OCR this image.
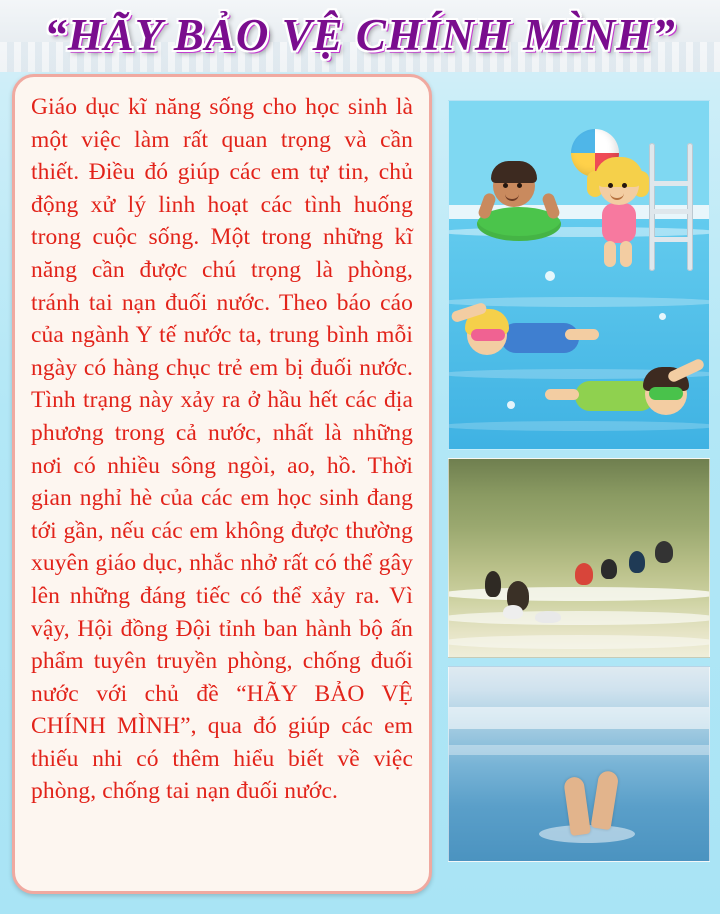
“HÃY BẢO VỆ CHÍNH MÌNH”

Giáo dục kĩ năng sống cho học sinh là một việc làm rất quan trọng và cần thiết. Điều đó giúp các em tự tin, chủ động xử lý linh hoạt các tình huống trong cuộc sống. Một trong những kĩ năng cần được chú trọng là phòng, tránh tai nạn đuối nước. Theo báo cáo của ngành Y tế nước ta, trung bình mỗi ngày có hàng chục trẻ em bị đuối nước. Tình trạng này xảy ra ở hầu hết các địa phương trong cả nước, nhất là những nơi có nhiều sông ngòi, ao, hồ. Thời gian nghỉ hè của các em học sinh đang tới gần, nếu các em không được thường xuyên giáo dục, nhắc nhở rất có thể gây lên những đáng tiếc có thể xảy ra. Vì vậy, Hội đồng Đội tỉnh ban hành bộ ấn phẩm tuyên truyền phòng, chống đuối nước với chủ đề “HÃY BẢO VỆ CHÍNH MÌNH”, qua đó giúp các em thiếu nhi có thêm hiểu biết về việc phòng, chống tai nạn đuối nước.
